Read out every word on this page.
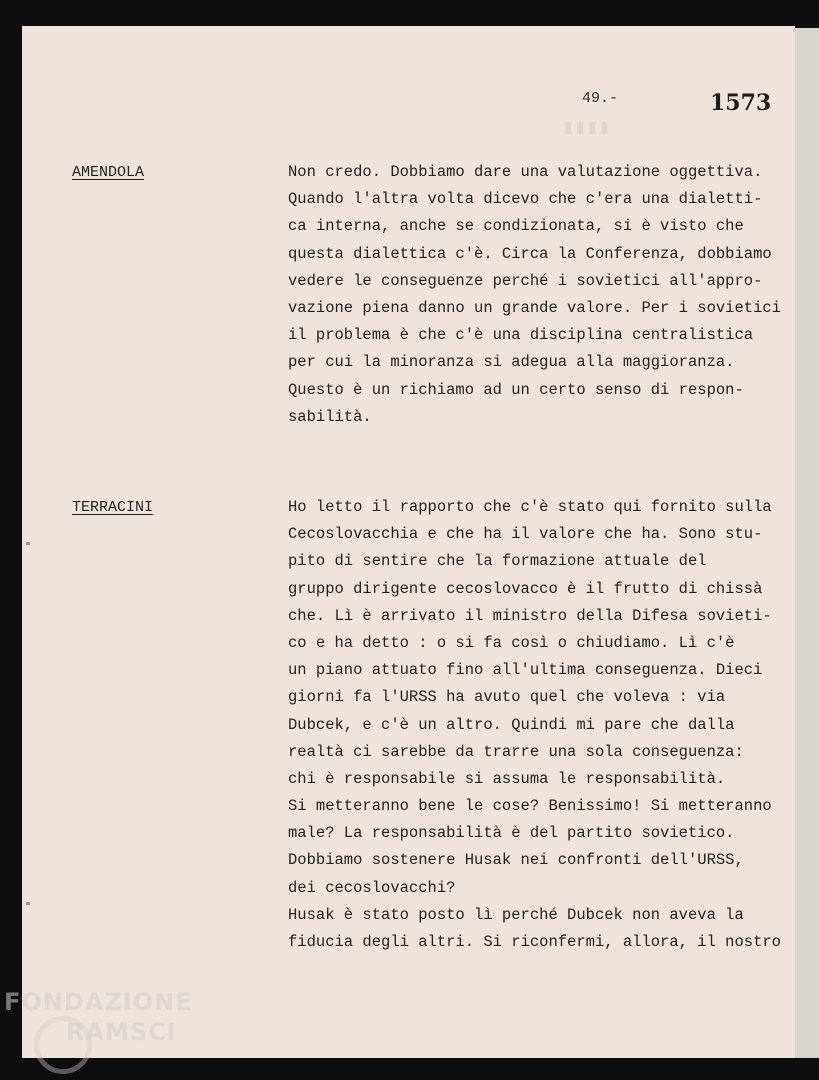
▮▮▮▮
49.-	1573
AMENDOLA	Non credo. Dobbiamo dare una valutazione oggettiva.
Quando l'altra volta dicevo che c'era una dialetti-
ca interna, anche se condizionata, si è visto che
questa dialettica c'è. Circa la Conferenza, dobbiamo
vedere le conseguenze perché i sovietici all'appro-
vazione piena danno un grande valore. Per i sovietici
il problema è che c'è una disciplina centralistica
per cui la minoranza si adegua alla maggioranza.
Questo è un richiamo ad un certo senso di respon-
sabilità.
TERRACINI	Ho letto il rapporto che c'è stato qui fornito sulla
Cecoslovacchia e che ha il valore che ha. Sono stu-
pito di sentire che la formazione attuale del
gruppo dirigente cecoslovacco è il frutto di chissà
che. Lì è arrivato il ministro della Difesa sovieti-
co e ha detto : o si fa così o chiudiamo. Lì c'è
un piano attuato fino all'ultima conseguenza. Dieci
giorni fa l'URSS ha avuto quel che voleva : via
Dubcek, e c'è un altro. Quindi mi pare che dalla
realtà ci sarebbe da trarre una sola conseguenza:
chi è responsabile si assuma le responsabilità.
Si metteranno bene le cose? Benissimo! Si metteranno
male? La responsabilità è del partito sovietico.
Dobbiamo sostenere Husak nei confronti dell'URSS,
dei cecoslovacchi?
Husak è stato posto lì perché Dubcek non aveva la
fiducia degli altri. Si riconfermi, allora, il nostro
FONDAZIONE
RAMSCI
